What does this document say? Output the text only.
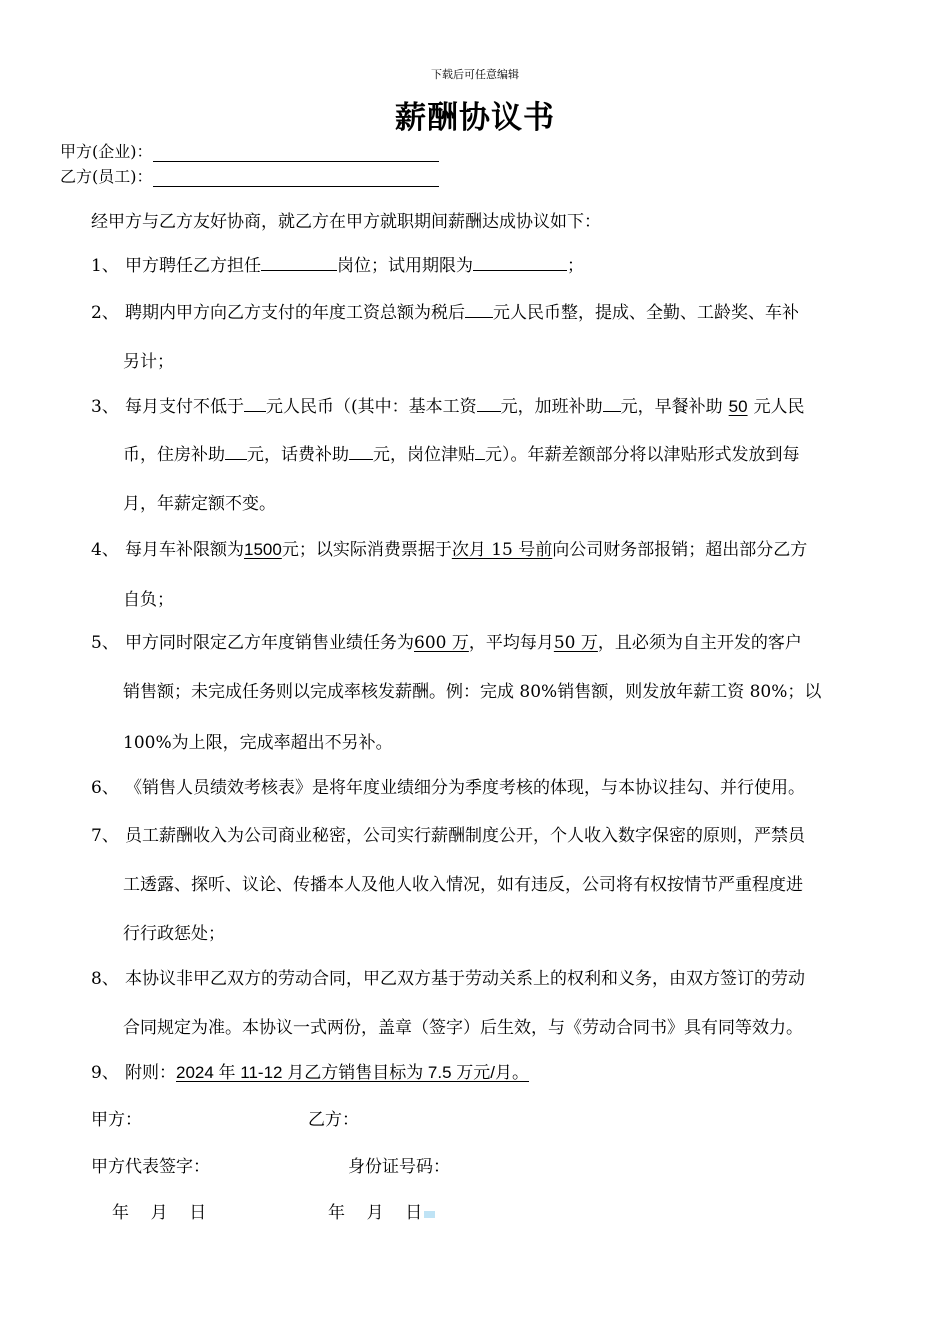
下载后可任意编辑
薪酬协议书
甲方(企业)：
乙方(员工)：
经甲方与乙方友好协商，就乙方在甲方就职期间薪酬达成协议如下：
1、 甲方聘任乙方担任	岗位；试用期限为	；
2、 聘期内甲方向乙方支付的年度工资总额为税后 元人民币整，提成、全勤、工龄奖、车补
另计；
3、 每月支付不低于 元人民币（(其中：基本工资 元，加班补助 元，早餐补助 50 元人民
币，住房补助 元，话费补助 元，岗位津贴 元）。年薪差额部分将以津贴形式发放到每
月，年薪定额不变。
4、 每月车补限额为1500元；以实际消费票据于次月 15 号前向公司财务部报销；超出部分乙方
自负；
5、 甲方同时限定乙方年度销售业绩任务为600 万，平均每月50 万，且必须为自主开发的客户
销售额；未完成任务则以完成率核发薪酬。例：完成 80%销售额，则发放年薪工资 80%；以
100%为上限，完成率超出不另补。
6、 《销售人员绩效考核表》是将年度业绩细分为季度考核的体现，与本协议挂勾、并行使用。
7、 员工薪酬收入为公司商业秘密，公司实行薪酬制度公开，个人收入数字保密的原则，严禁员
工透露、探听、议论、传播本人及他人收入情况，如有违反，公司将有权按情节严重程度进
行行政惩处；
8、 本协议非甲乙双方的劳动合同，甲乙双方基于劳动关系上的权利和义务，由双方签订的劳动
合同规定为准。本协议一式两份，盖章（签字）后生效，与《劳动合同书》具有同等效力。
9、 附则：2024 年 11-12 月乙方销售目标为 7.5 万元/月。
甲方：	乙方：
甲方代表签字：	身份证号码：
年    月    日	年    月    日
